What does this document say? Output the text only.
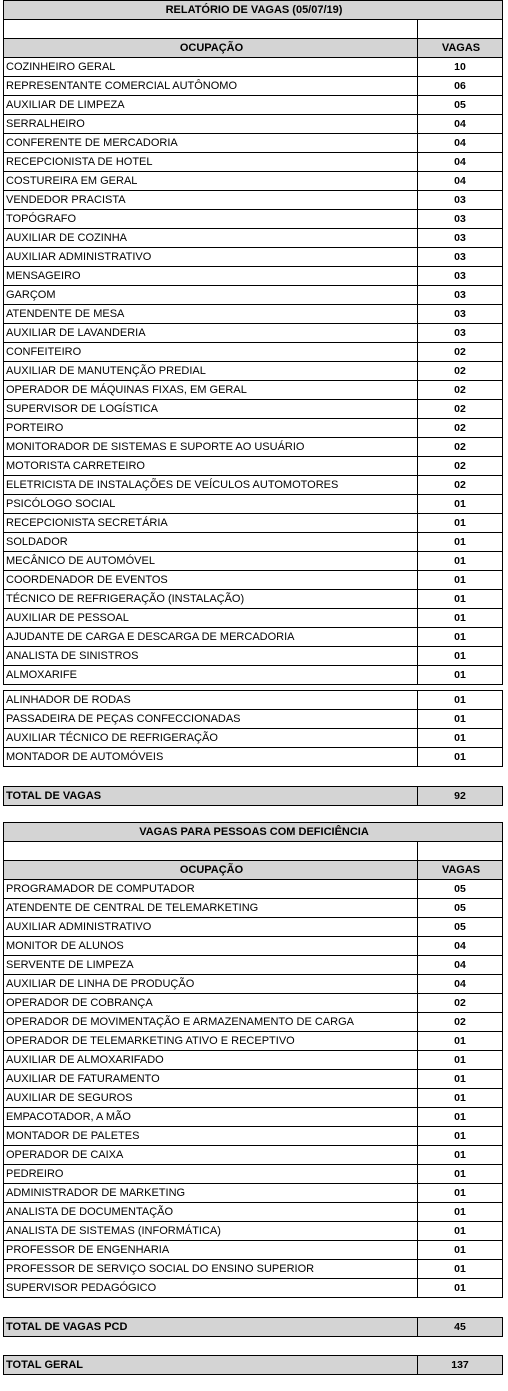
RELATÓRIO DE VAGAS (05/07/19)	

OCUPAÇÃO	VAGAS
COZINHEIRO GERAL	10
REPRESENTANTE COMERCIAL AUTÔNOMO	06
AUXILIAR DE LIMPEZA	05
SERRALHEIRO	04
CONFERENTE DE MERCADORIA	04
RECEPCIONISTA DE HOTEL	04
COSTUREIRA EM GERAL	04
VENDEDOR PRACISTA	03
TOPÓGRAFO	03
AUXILIAR DE COZINHA	03
AUXILIAR ADMINISTRATIVO	03
MENSAGEIRO	03
GARÇOM	03
ATENDENTE DE MESA	03
AUXILIAR DE LAVANDERIA	03
CONFEITEIRO	02
AUXILIAR DE MANUTENÇÃO PREDIAL	02
OPERADOR DE MÁQUINAS FIXAS, EM GERAL	02
SUPERVISOR DE LOGÍSTICA	02
PORTEIRO	02
MONITORADOR DE SISTEMAS E SUPORTE AO USUÁRIO	02
MOTORISTA CARRETEIRO	02
ELETRICISTA DE INSTALAÇÕES DE VEÍCULOS AUTOMOTORES	02
PSICÓLOGO SOCIAL	01
RECEPCIONISTA SECRETÁRIA	01
SOLDADOR	01
MECÂNICO DE AUTOMÓVEL	01
COORDENADOR DE EVENTOS	01
TÉCNICO DE REFRIGERAÇÃO (INSTALAÇÃO)	01
AUXILIAR DE PESSOAL	01
AJUDANTE DE CARGA E DESCARGA DE MERCADORIA	01
ANALISTA DE SINISTROS	01
ALMOXARIFE	01
ALINHADOR DE RODAS	01
PASSADEIRA DE PEÇAS CONFECCIONADAS	01
AUXILIAR TÉCNICO DE REFRIGERAÇÃO	01
MONTADOR DE AUTOMÓVEIS	01
TOTAL DE VAGAS	92
VAGAS PARA PESSOAS COM DEFICIÊNCIA	

OCUPAÇÃO	VAGAS
PROGRAMADOR DE COMPUTADOR	05
ATENDENTE DE CENTRAL DE TELEMARKETING	05
AUXILIAR ADMINISTRATIVO	05
MONITOR DE ALUNOS	04
SERVENTE DE LIMPEZA	04
AUXILIAR DE LINHA DE PRODUÇÃO	04
OPERADOR DE COBRANÇA	02
OPERADOR DE MOVIMENTAÇÃO E ARMAZENAMENTO DE CARGA	02
OPERADOR DE TELEMARKETING ATIVO E RECEPTIVO	01
AUXILIAR DE ALMOXARIFADO	01
AUXILIAR DE FATURAMENTO	01
AUXILIAR DE SEGUROS	01
EMPACOTADOR, A MÃO	01
MONTADOR DE PALETES	01
OPERADOR DE CAIXA	01
PEDREIRO	01
ADMINISTRADOR DE MARKETING	01
ANALISTA DE DOCUMENTAÇÃO	01
ANALISTA DE SISTEMAS (INFORMÁTICA)	01
PROFESSOR DE ENGENHARIA	01
PROFESSOR DE SERVIÇO SOCIAL DO ENSINO SUPERIOR	01
SUPERVISOR PEDAGÓGICO	01
TOTAL DE VAGAS PCD	45
TOTAL GERAL	137
